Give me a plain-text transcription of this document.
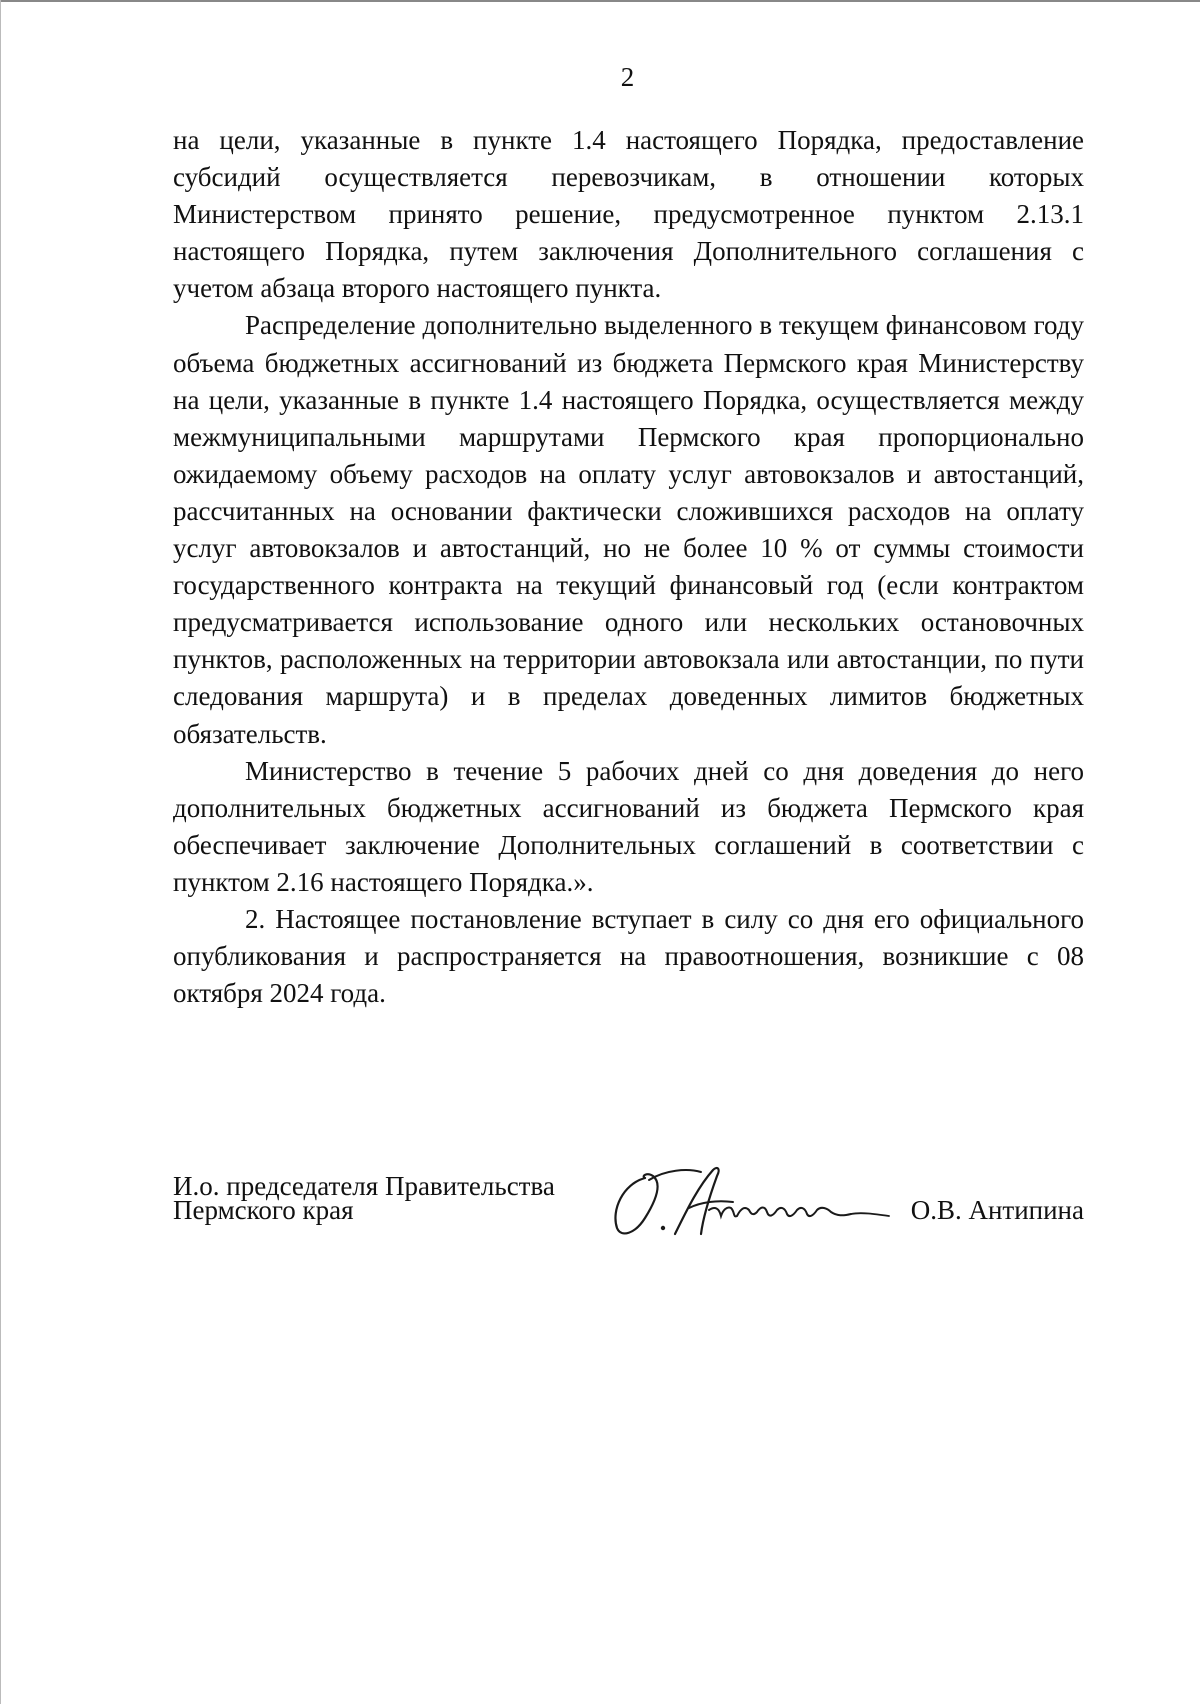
2

на цели, указанные в пункте 1.4 настоящего Порядка, предоставление субсидий осуществляется перевозчикам, в отношении которых Министерством принято решение, предусмотренное пунктом 2.13.1 настоящего Порядка, путем заключения Дополнительного соглашения с учетом абзаца второго настоящего пункта.

Распределение дополнительно выделенного в текущем финансовом году объема бюджетных ассигнований из бюджета Пермского края Министерству на цели, указанные в пункте 1.4 настоящего Порядка, осуществляется между межмуниципальными маршрутами Пермского края пропорционально ожидаемому объему расходов на оплату услуг автовокзалов и автостанций, рассчитанных на основании фактически сложившихся расходов на оплату услуг автовокзалов и автостанций, но не более 10 % от суммы стоимости государственного контракта на текущий финансовый год (если контрактом предусматривается использование одного или нескольких остановочных пунктов, расположенных на территории автовокзала или автостанции, по пути следования маршрута) и в пределах доведенных лимитов бюджетных обязательств.

Министерство в течение 5 рабочих дней со дня доведения до него дополнительных бюджетных ассигнований из бюджета Пермского края обеспечивает заключение Дополнительных соглашений в соответствии с пунктом 2.16 настоящего Порядка.».

2. Настоящее постановление вступает в силу со дня его официального опубликования и распространяется на правоотношения, возникшие с 08 октября 2024 года.

И.о. председателя Правительства
Пермского края	О.В. Антипина
